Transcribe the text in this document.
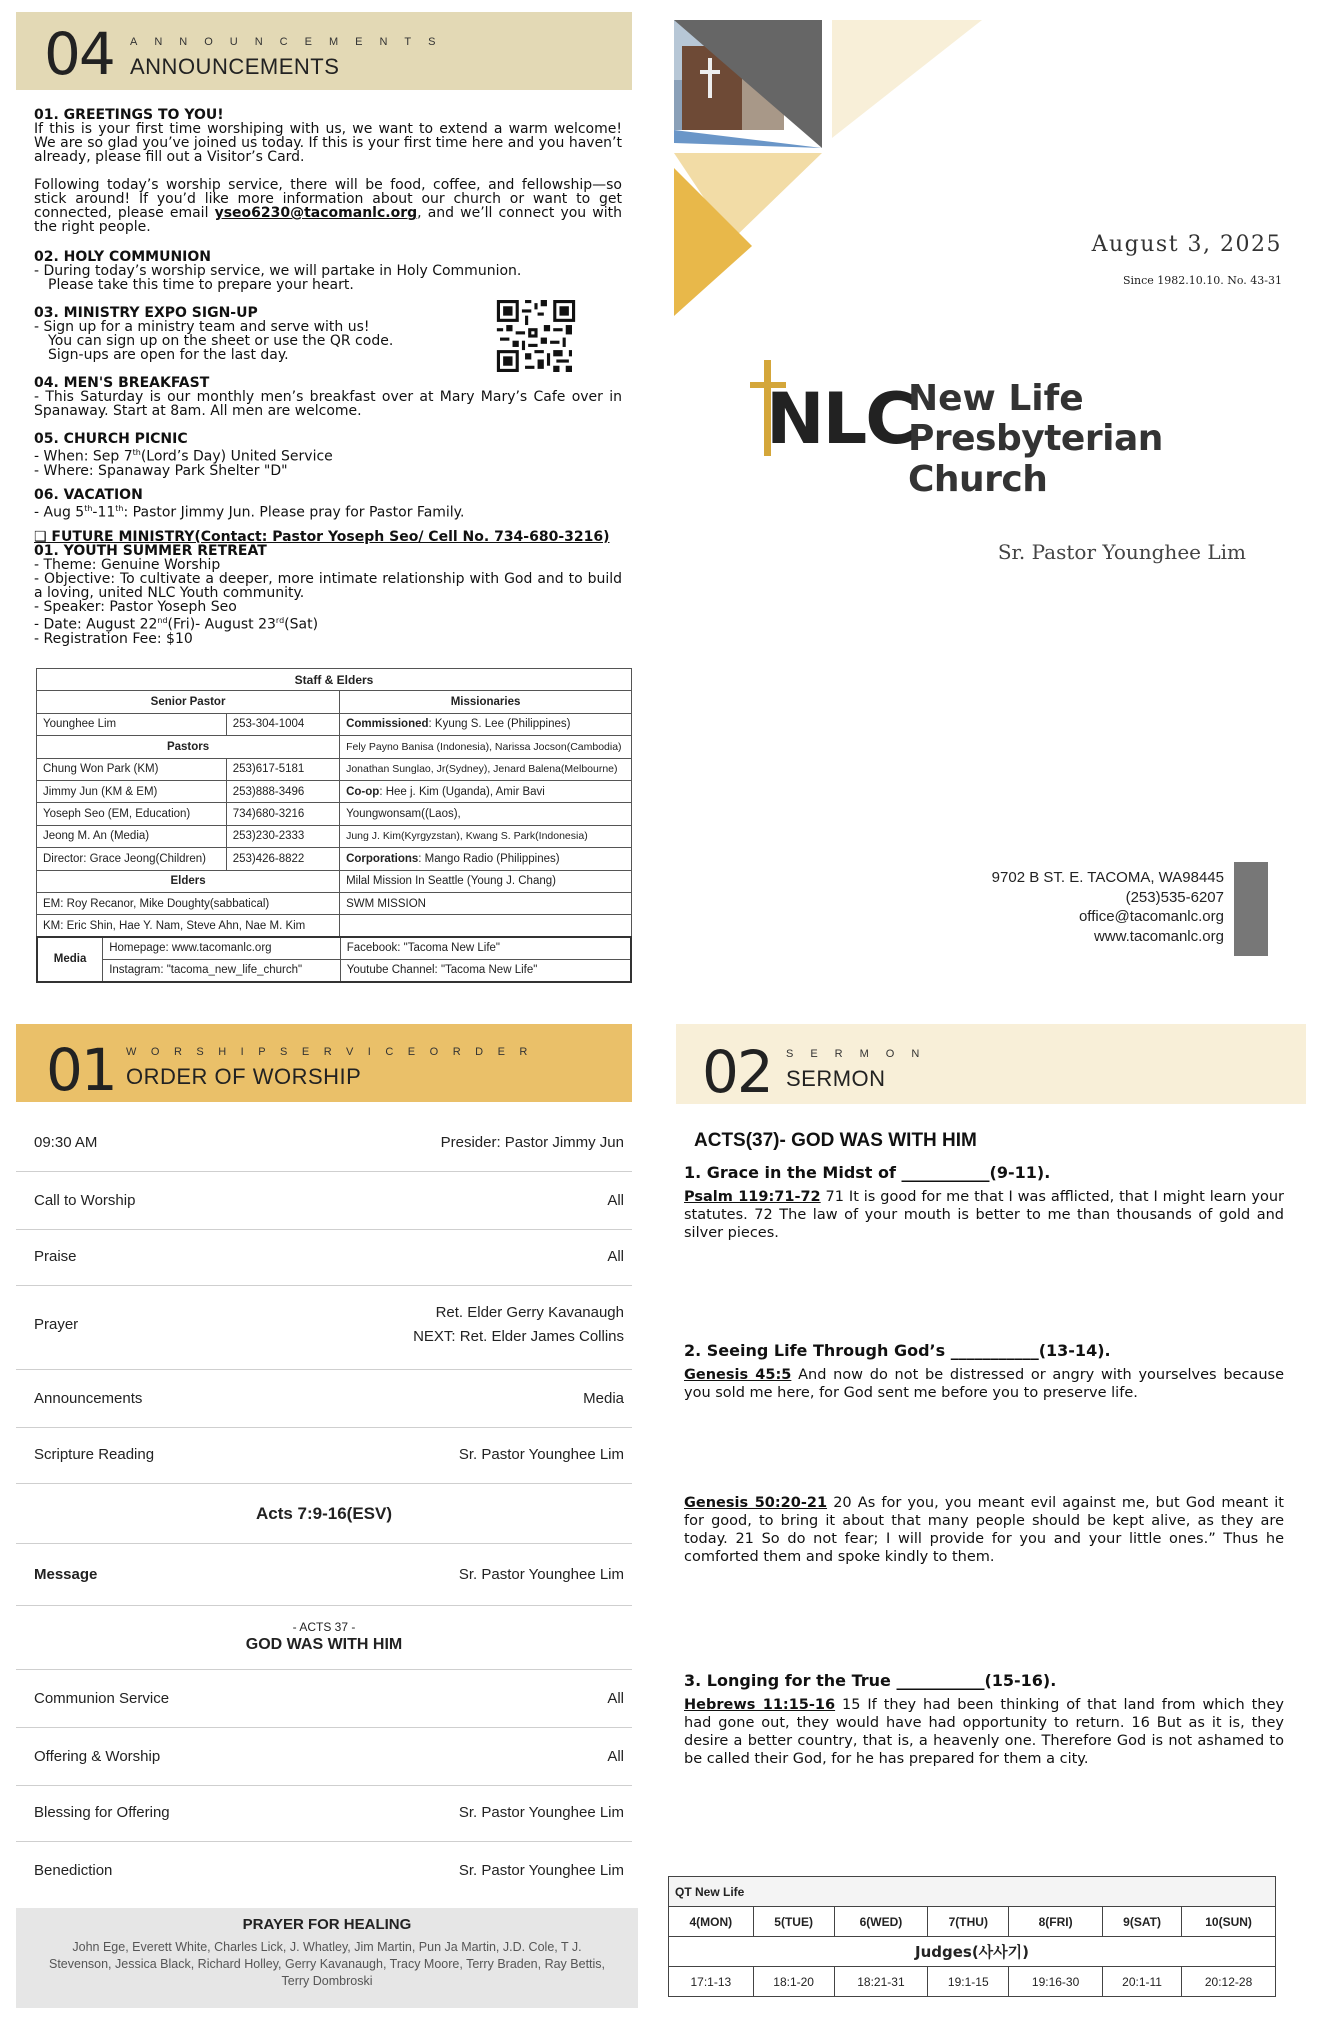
04 ANNOUNCEMENTS
ANNOUNCEMENTS
01. GREETINGS TO YOU!

If this is your first time worshiping with us, we want to extend a warm welcome! We are so glad you’ve joined us today. If this is your first time here and you haven’t already, please fill out a Visitor’s Card.

Following today’s worship service, there will be food, coffee, and fellowship—so stick around! If you’d like more information about our church or want to get connected, please email yseo6230@tacomanlc.org, and we’ll connect you with the right people.

02. HOLY COMMUNION

- During today’s worship service, we will partake in Holy Communion.

Please take this time to prepare your heart.

03. MINISTRY EXPO SIGN-UP

- Sign up for a ministry team and serve with us!

You can sign up on the sheet or use the QR code.

Sign-ups are open for the last day.

04. MEN'S BREAKFAST

- This Saturday is our monthly men’s breakfast over at Mary Mary’s Cafe over in Spanaway. Start at 8am. All men are welcome.

05. CHURCH PICNIC

- When: Sep 7th(Lord’s Day) United Service

- Where: Spanaway Park Shelter "D"

06. VACATION

- Aug 5th-11th: Pastor Jimmy Jun. Please pray for Pastor Family.

❑ FUTURE MINISTRY(Contact: Pastor Yoseph Seo/ Cell No. 734-680-3216)
01. YOUTH SUMMER RETREAT

- Theme: Genuine Worship

- Objective: To cultivate a deeper, more intimate relationship with God and to build a loving, united NLC Youth community.

- Speaker: Pastor Yoseph Seo

- Date: August 22nd(Fri)- August 23rd(Sat)

- Registration Fee: $10

Staff & Elders		
Senior Pastor		Missionaries
Younghee Lim	253-304-1004	Commissioned: Kyung S. Lee (Philippines)
Pastors		Fely Payno Banisa (Indonesia), Narissa Jocson(Cambodia)
Chung Won Park (KM)	253)617-5181	Jonathan Sunglao, Jr(Sydney), Jenard Balena(Melbourne)
Jimmy Jun (KM & EM)	253)888-3496	Co-op: Hee j. Kim (Uganda), Amir Bavi
Yoseph Seo (EM, Education)	734)680-3216	Youngwonsam((Laos),
Jeong M. An (Media)	253)230-2333	Jung J. Kim(Kyrgyzstan), Kwang S. Park(Indonesia)
Director: Grace Jeong(Children)	253)426-8822	Corporations: Mango Radio (Philippines)
Elders		Milal Mission In Seattle (Young J. Chang)
EM: Roy Recanor, Mike Doughty(sabbatical)		SWM MISSION
KM: Eric Shin, Hae Y. Nam, Steve Ahn, Nae M. Kim		
Media	Homepage: www.tacomanlc.org	Facebook: "Tacoma New Life"
	Instagram: "tacoma_new_life_church"	Youtube Channel: "Tacoma New Life"
August 3, 2025
Since 1982.10.10. No. 43-31
NLC
New Life
Presbyterian Church
Sr. Pastor Younghee Lim
9702 B ST. E. TACOMA, WA98445
(253)535-6207
office@tacomanlc.org
www.tacomanlc.org
01 WORSHIPSERVICEORDER
ORDER OF WORSHIP
09:30 AM	Presider: Pastor Jimmy Jun
Call to Worship	All
Praise	All
Prayer
Ret. Elder Gerry Kavanaugh
NEXT: Ret. Elder James Collins
Announcements	Media
Scripture Reading	Sr. Pastor Younghee Lim
Acts 7:9-16(ESV)
Message	Sr. Pastor Younghee Lim
- ACTS 37 -
GOD WAS WITH HIM
Communion Service	All
Offering & Worship	All
Blessing for Offering	Sr. Pastor Younghee Lim
Benediction	Sr. Pastor Younghee Lim
PRAYER FOR HEALING
John Ege, Everett White, Charles Lick, J. Whatley, Jim Martin, Pun Ja Martin, J.D. Cole, T J. Stevenson, Jessica Black, Richard Holley, Gerry Kavanaugh, Tracy Moore, Terry Braden, Ray Bettis, Terry Dombroski
02 SERMON
SERMON
ACTS(37)- GOD WAS WITH HIM
1. Grace in the Midst of ___________(9-11).

Psalm 119:71-72 71 It is good for me that I was afflicted, that I might learn your statutes. 72 The law of your mouth is better to me than thousands of gold and silver pieces.

2. Seeing Life Through God’s ___________(13-14).

Genesis 45:5 And now do not be distressed or angry with yourselves because you sold me here, for God sent me before you to preserve life.

Genesis 50:20-21 20 As for you, you meant evil against me, but God meant it for good, to bring it about that many people should be kept alive, as they are today. 21 So do not fear; I will provide for you and your little ones.” Thus he comforted them and spoke kindly to them.

3. Longing for the True ___________(15-16).

Hebrews 11:15-16 15 If they had been thinking of that land from which they had gone out, they would have had opportunity to return. 16 But as it is, they desire a better country, that is, a heavenly one. Therefore God is not ashamed to be called their God, for he has prepared for them a city.

QT New Life						
4(MON)	5(TUE)	6(WED)	7(THU)	8(FRI)	9(SAT)	10(SUN)
Judges(사사기)						
17:1-13	18:1-20	18:21-31	19:1-15	19:16-30	20:1-11	20:12-28
